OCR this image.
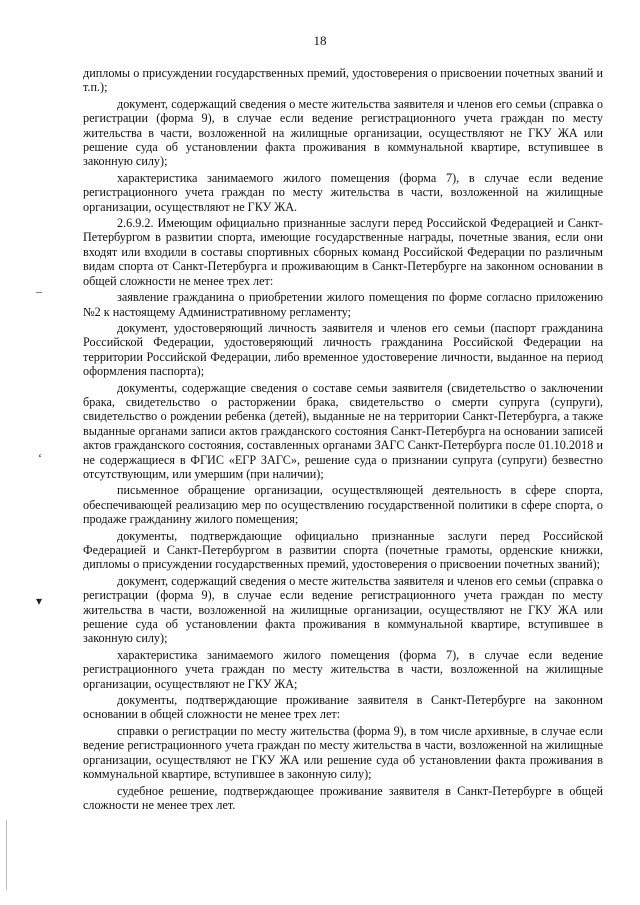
18

дипломы о присуждении государственных премий, удостоверения о присвоении почетных званий и т.п.);

документ, содержащий сведения о месте жительства заявителя и членов его семьи (справка о регистрации (форма 9), в случае если ведение регистрационного учета граждан по месту жительства в части, возложенной на жилищные организации, осуществляют не ГКУ ЖА или решение суда об установлении факта проживания в коммунальной квартире, вступившее в законную силу);

характеристика занимаемого жилого помещения (форма 7), в случае если ведение регистрационного учета граждан по месту жительства в части, возложенной на жилищные организации, осуществляют не ГКУ ЖА.

2.6.9.2. Имеющим официально признанные заслуги перед Российской Федерацией и Санкт-Петербургом в развитии спорта, имеющие государственные награды, почетные звания, если они входят или входили в составы спортивных сборных команд Российской Федерации по различным видам спорта от Санкт-Петербурга и проживающим в Санкт-Петербурге на законном основании в общей сложности не менее трех лет:

заявление гражданина о приобретении жилого помещения по форме согласно приложению №2 к настоящему Административному регламенту;

документ, удостоверяющий личность заявителя и членов его семьи (паспорт гражданина Российской Федерации, удостоверяющий личность гражданина Российской Федерации на территории Российской Федерации, либо временное удостоверение личности, выданное на период оформления паспорта);

документы, содержащие сведения о составе семьи заявителя (свидетельство о заключении брака, свидетельство о расторжении брака, свидетельство о смерти супруга (супруги), свидетельство о рождении ребенка (детей), выданные не на территории Санкт-Петербурга, а также выданные органами записи актов гражданского состояния Санкт-Петербурга на основании записей актов гражданского состояния, составленных органами ЗАГС Санкт-Петербурга после 01.10.2018 и не содержащиеся в ФГИС «ЕГР ЗАГС», решение суда о признании супруга (супруги) безвестно отсутствующим, или умершим (при наличии);

письменное обращение организации, осуществляющей деятельность в сфере спорта, обеспечивающей реализацию мер по осуществлению государственной политики в сфере спорта, о продаже гражданину жилого помещения;

документы, подтверждающие официально признанные заслуги перед Российской Федерацией и Санкт-Петербургом в развитии спорта (почетные грамоты, орденские книжки, дипломы о присуждении государственных премий, удостоверения о присвоении почетных званий);

документ, содержащий сведения о месте жительства заявителя и членов его семьи (справка о регистрации (форма 9), в случае если ведение регистрационного учета граждан по месту жительства в части, возложенной на жилищные организации, осуществляют не ГКУ ЖА или решение суда об установлении факта проживания в коммунальной квартире, вступившее в законную силу);

характеристика занимаемого жилого помещения (форма 7), в случае если ведение регистрационного учета граждан по месту жительства в части, возложенной на жилищные организации, осуществляют не ГКУ ЖА;

документы, подтверждающие проживание заявителя в Санкт-Петербурге на законном основании в общей сложности не менее трех лет:

справки о регистрации по месту жительства (форма 9), в том числе архивные, в случае если ведение регистрационного учета граждан по месту жительства в части, возложенной на жилищные организации, осуществляют не ГКУ ЖА или решение суда об установлении факта проживания в коммунальной квартире, вступившее в законную силу);

судебное решение, подтверждающее проживание заявителя в Санкт-Петербурге в общей сложности не менее трех лет.

–
‘
▾
